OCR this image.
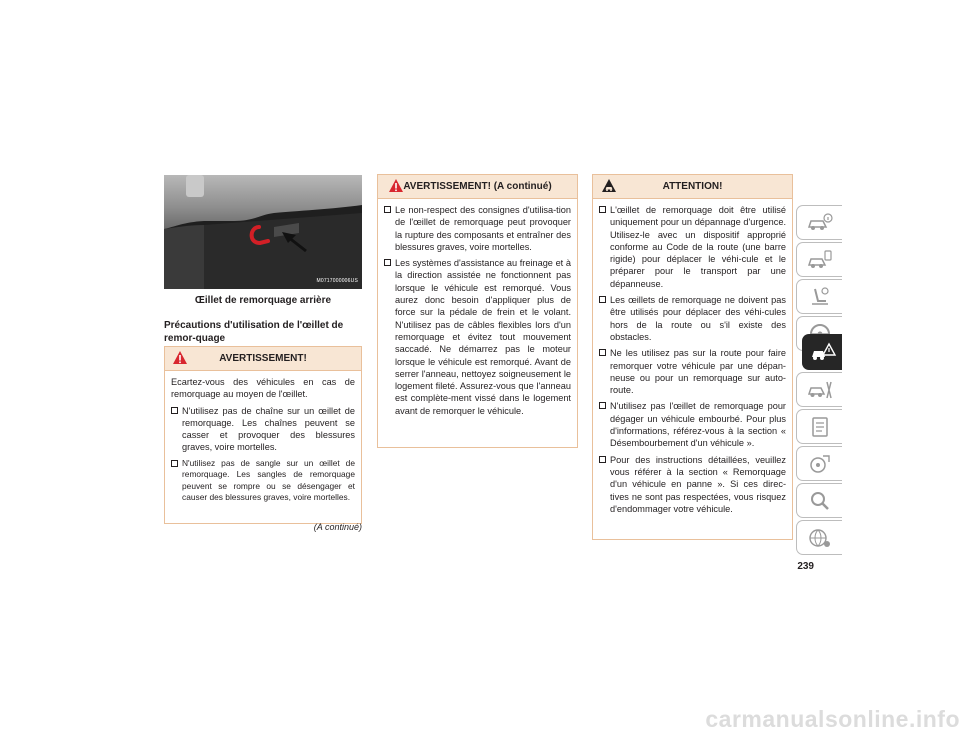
M0717000006US
Œillet de remorquage arrière
Précautions d'utilisation de l'œillet de remor-quage
AVERTISSEMENT!

Ecartez-vous des véhicules en cas de remorquage au moyen de l'œillet.

N'utilisez pas de chaîne sur un œillet de remorquage. Les chaînes peuvent se casser et provoquer des blessures graves, voire mortelles.
N'utilisez pas de sangle sur un œillet de remorquage. Les sangles de remorquage peuvent se rompre ou se désengager et causer des blessures graves, voire mortelles.
(A continué)
AVERTISSEMENT! (A continué)
Le non-respect des consignes d'utilisa-tion de l'œillet de remorquage peut provoquer la rupture des composants et entraîner des blessures graves, voire mortelles.
Les systèmes d'assistance au freinage et à la direction assistée ne fonctionnent pas lorsque le véhicule est remorqué. Vous aurez donc besoin d'appliquer plus de force sur la pédale de frein et le volant. N'utilisez pas de câbles flexibles lors d'un remorquage et évitez tout mouvement saccadé. Ne démarrez pas le moteur lorsque le véhicule est remorqué. Avant de serrer l'anneau, nettoyez soigneusement le logement fileté. Assurez-vous que l'anneau est complète-ment vissé dans le logement avant de remorquer le véhicule.
ATTENTION!
L'œillet de remorquage doit être utilisé uniquement pour un dépannage d'urgence. Utilisez-le avec un dispositif approprié conforme au Code de la route (une barre rigide) pour déplacer le véhi-cule et le préparer pour le transport par une dépanneuse.
Les œillets de remorquage ne doivent pas être utilisés pour déplacer des véhi-cules hors de la route ou s'il existe des obstacles.
Ne les utilisez pas sur la route pour faire remorquer votre véhicule par une dépan-neuse ou pour un remorquage sur auto-route.
N'utilisez pas l'œillet de remorquage pour dégager un véhicule embourbé. Pour plus d'informations, référez-vous à la section « Désembourbement d'un véhicule ».
Pour des instructions détaillées, veuillez vous référer à la section « Remorquage d'un véhicule en panne ». Si ces direc-tives ne sont pas respectées, vous risquez d'endommager votre véhicule.
239
carmanualsonline.info
